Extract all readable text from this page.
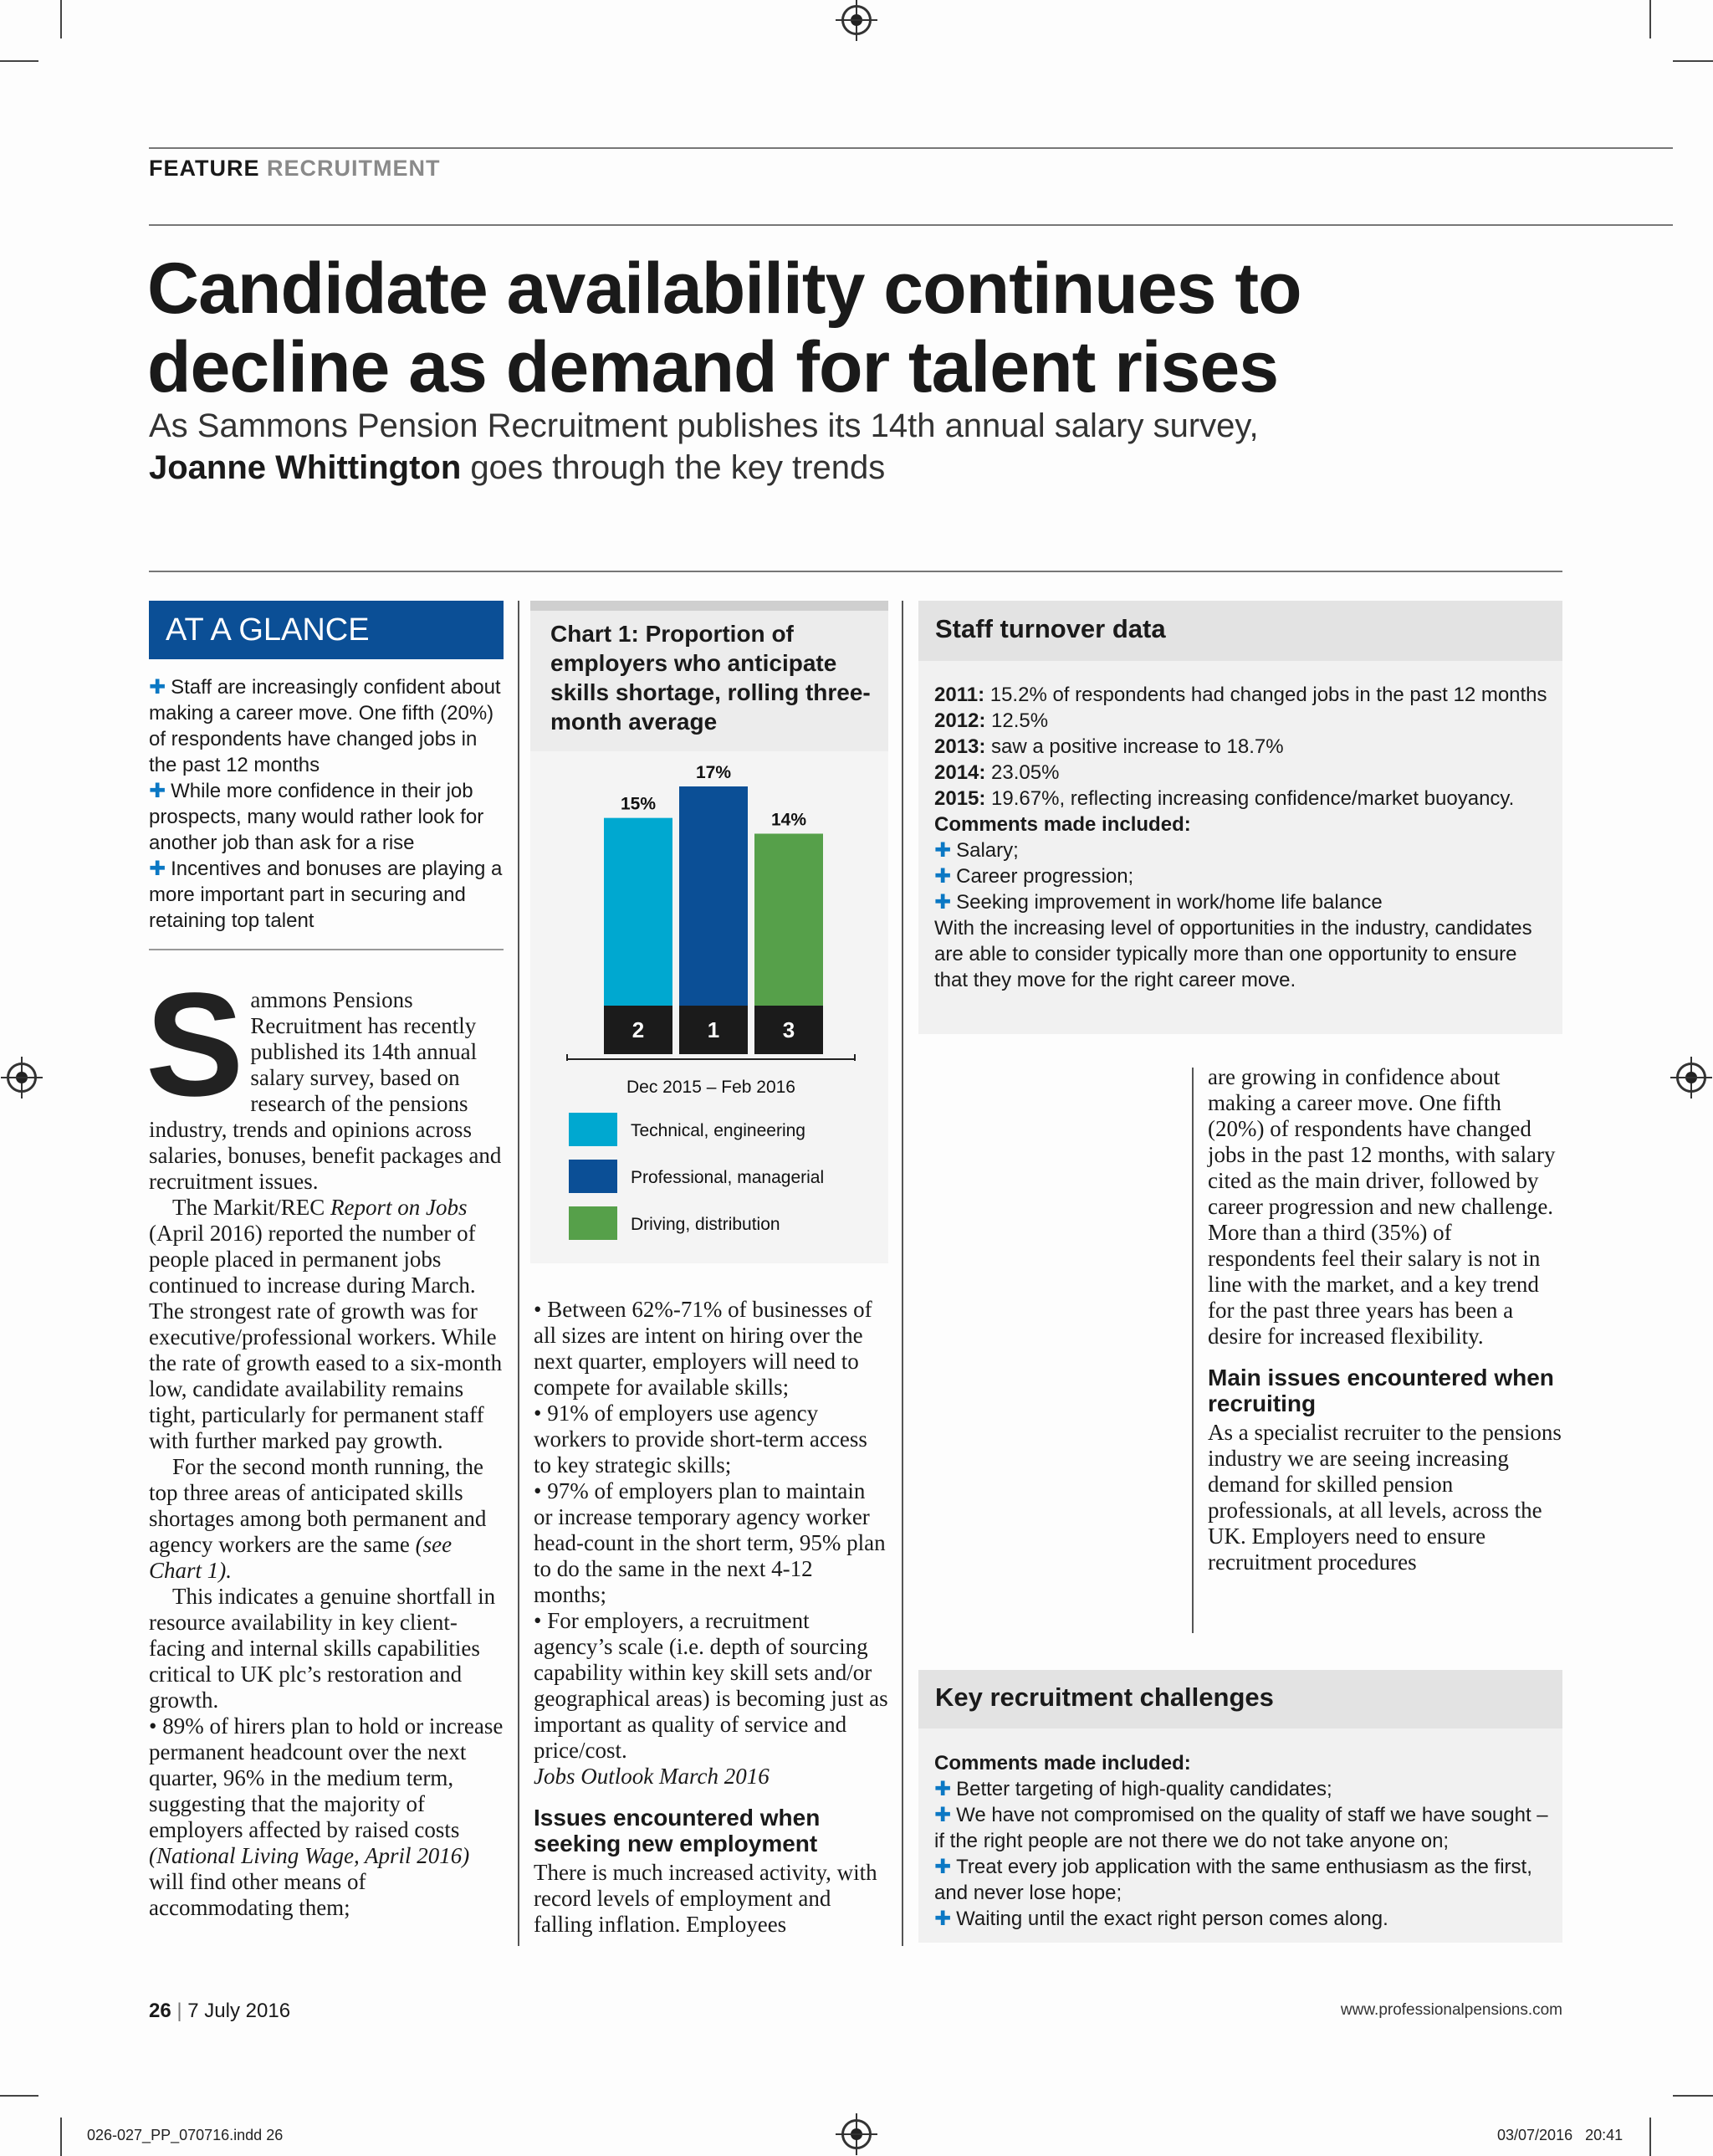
FEATURE RECRUITMENT
Candidate availability continues to
decline as demand for talent rises
As Sammons Pension Recruitment publishes its 14th annual salary survey,
Joanne Whittington goes through the key trends
AT A GLANCE

✚ Staff are increasingly confident about making a career move. One fifth (20%) of respondents have changed jobs in the past 12 months

✚ While more confidence in their job prospects, many would rather look for another job than ask for a rise

✚ Incentives and bonuses are playing a more important part in securing and retaining top talent

Sammons Pensions Recruitment has recently published its 14th annual salary survey, based on research of the pensions industry, trends and opinions across salaries, bonuses, benefit packages and recruitment issues.

The Markit/REC Report on Jobs (April 2016) reported the number of people placed in permanent jobs continued to increase during March. The strongest rate of growth was for executive/professional workers. While the rate of growth eased to a six-month low, candidate availability remains tight, particularly for permanent staff with further marked pay growth.

For the second month running, the top three areas of anticipated skills shortages among both permanent and agency workers are the same (see Chart 1).

This indicates a genuine shortfall in resource availability in key client-facing and internal skills capabilities critical to UK plc’s restoration and growth.

• 89% of hirers plan to hold or increase permanent headcount over the next quarter, 96% in the medium term, suggesting that the majority of employers affected by raised costs (National Living Wage, April 2016) will find other means of accommodating them;

Chart 1: Proportion of employers who anticipate skills shortage, rolling three-month average
15%
2
17%
1
14%
3
Dec 2015 – Feb 2016
Technical, engineering
Professional, managerial
Driving, distribution

• Between 62%-71% of businesses of all sizes are intent on hiring over the next quarter, employers will need to compete for available skills;

• 91% of employers use agency workers to provide short-term access to key strategic skills;

• 97% of employers plan to maintain or increase temporary agency worker head-count in the short term, 95% plan to do the same in the next 4-12 months;

• For employers, a recruitment agency’s scale (i.e. depth of sourcing capability within key skill sets and/or geographical areas) is becoming just as important as quality of service and price/cost.

Jobs Outlook March 2016

Issues encountered when seeking new employment

There is much increased activity, with record levels of employment and falling inflation. Employees

Staff turnover data

2011: 15.2% of respondents had changed jobs in the past 12 months

2012: 12.5%

2013: saw a positive increase to 18.7%

2014: 23.05%

2015: 19.67%, reflecting increasing confidence/market buoyancy.

Comments made included:

✚ Salary;

✚ Career progression;

✚ Seeking improvement in work/home life balance

With the increasing level of opportunities in the industry, candidates are able to consider typically more than one opportunity to ensure that they move for the right career move.

are growing in confidence about making a career move. One fifth (20%) of respondents have changed jobs in the past 12 months, with salary cited as the main driver, followed by career progression and new challenge. More than a third (35%) of respondents feel their salary is not in line with the market, and a key trend for the past three years has been a desire for increased flexibility.

Main issues encountered when recruiting

As a specialist recruiter to the pensions industry we are seeing increasing demand for skilled pension professionals, at all levels, across the UK. Employers need to ensure recruitment procedures

Key recruitment challenges

Comments made included:

✚ Better targeting of high-quality candidates;

✚ We have not compromised on the quality of staff we have sought – if the right people are not there we do not take anyone on;

✚ Treat every job application with the same enthusiasm as the first, and never lose hope;

✚ Waiting until the exact right person comes along.

26 | 7 July 2016	www.professionalpensions.com
026-027_PP_070716.indd 26	03/07/2016   20:41
